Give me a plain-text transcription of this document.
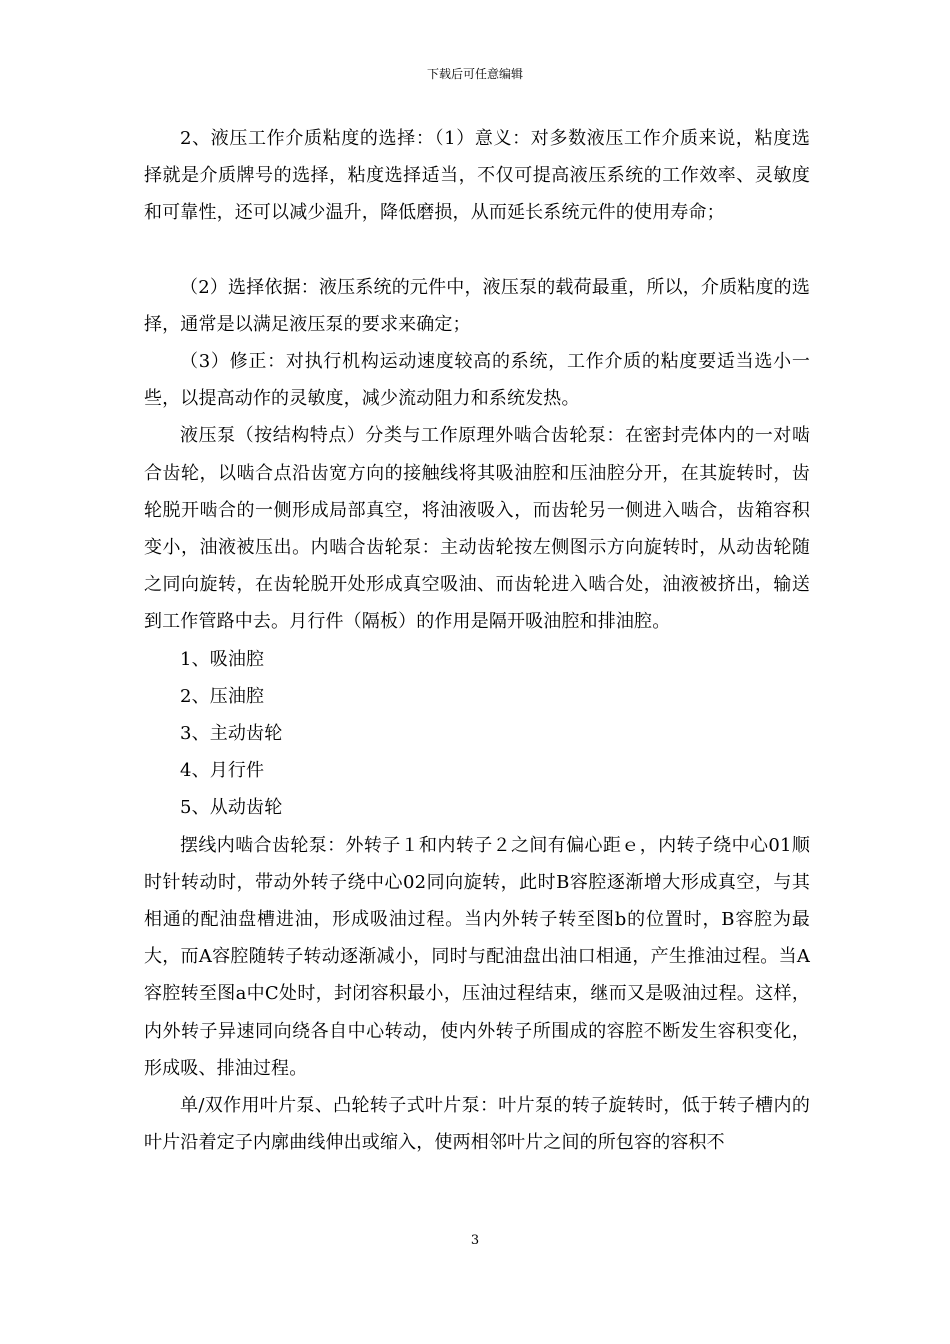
下载后可任意编辑

2、液压工作介质粘度的选择：（1）意义：对多数液压工作介质来说，粘度选择就是介质牌号的选择，粘度选择适当，不仅可提高液压系统的工作效率、灵敏度和可靠性，还可以减少温升，降低磨损，从而延长系统元件的使用寿命；

（2）选择依据：液压系统的元件中，液压泵的载荷最重，所以，介质粘度的选择，通常是以满足液压泵的要求来确定；

（3）修正：对执行机构运动速度较高的系统，工作介质的粘度要适当选小一些，以提高动作的灵敏度，减少流动阻力和系统发热。

液压泵（按结构特点）分类与工作原理外啮合齿轮泵：在密封壳体内的一对啮合齿轮，以啮合点沿齿宽方向的接触线将其吸油腔和压油腔分开，在其旋转时，齿轮脱开啮合的一侧形成局部真空，将油液吸入，而齿轮另一侧进入啮合，齿箱容积变小，油液被压出。内啮合齿轮泵：主动齿轮按左侧图示方向旋转时，从动齿轮随之同向旋转，在齿轮脱开处形成真空吸油、而齿轮进入啮合处，油液被挤出，输送到工作管路中去。月行件（隔板）的作用是隔开吸油腔和排油腔。

1、吸油腔

2、压油腔

3、主动齿轮

4、月行件

5、从动齿轮

摆线内啮合齿轮泵：外转子１和内转子２之间有偏心距ｅ，内转子绕中心01顺时针转动时，带动外转子绕中心02同向旋转，此时B容腔逐渐增大形成真空，与其相通的配油盘槽进油，形成吸油过程。当内外转子转至图b的位置时，B容腔为最大，而A容腔随转子转动逐渐减小，同时与配油盘出油口相通，产生推油过程。当A容腔转至图a中C处时，封闭容积最小，压油过程结束，继而又是吸油过程。这样，内外转子异速同向绕各自中心转动，使内外转子所围成的容腔不断发生容积变化，形成吸、排油过程。

单/双作用叶片泵、凸轮转子式叶片泵：叶片泵的转子旋转时，低于转子槽内的叶片沿着定子内廓曲线伸出或缩入，使两相邻叶片之间的所包容的容积不

3
